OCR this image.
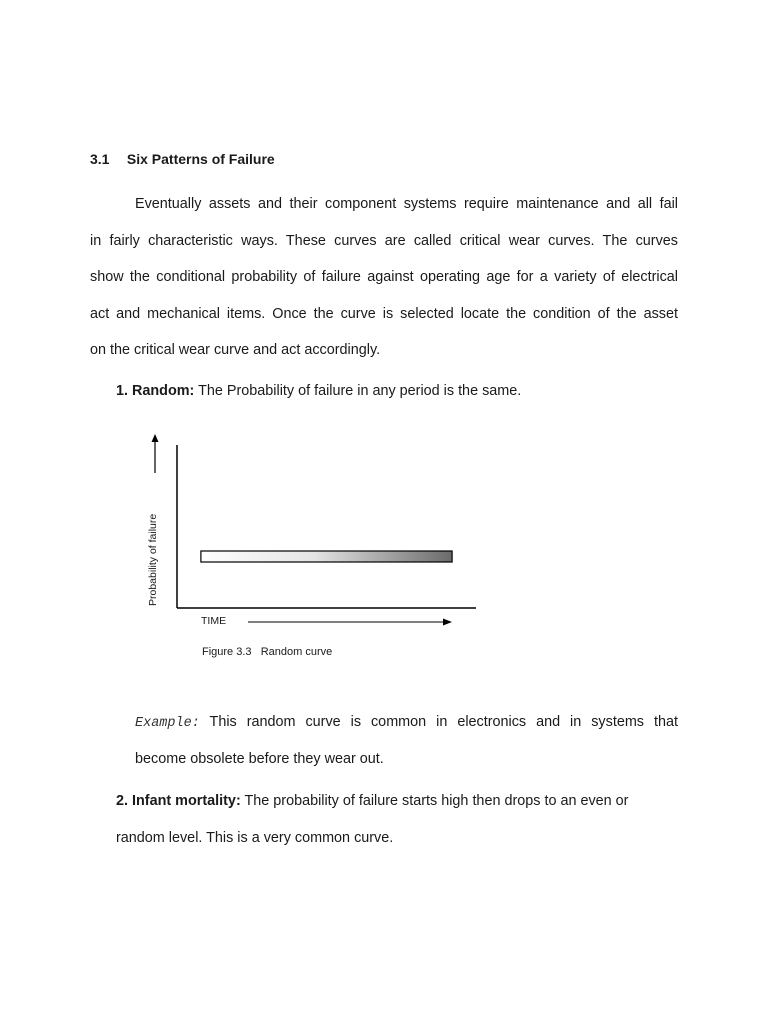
3.1 Six Patterns of Failure
Eventually assets and their component systems require maintenance and all fail
in fairly characteristic ways. These curves are called critical wear curves. The curves
show the conditional probability of failure against operating age for a variety of electrical
act and mechanical items. Once the curve is selected locate the condition of the asset
on the critical wear curve and act accordingly.
1. Random: The Probability of failure in any period is the same.
Probability of failure
TIME
Figure 3.3 Random curve
Example: This random curve is common in electronics and in systems that
become obsolete before they wear out.
2. Infant mortality: The probability of failure starts high then drops to an even or
random level. This is a very common curve.
